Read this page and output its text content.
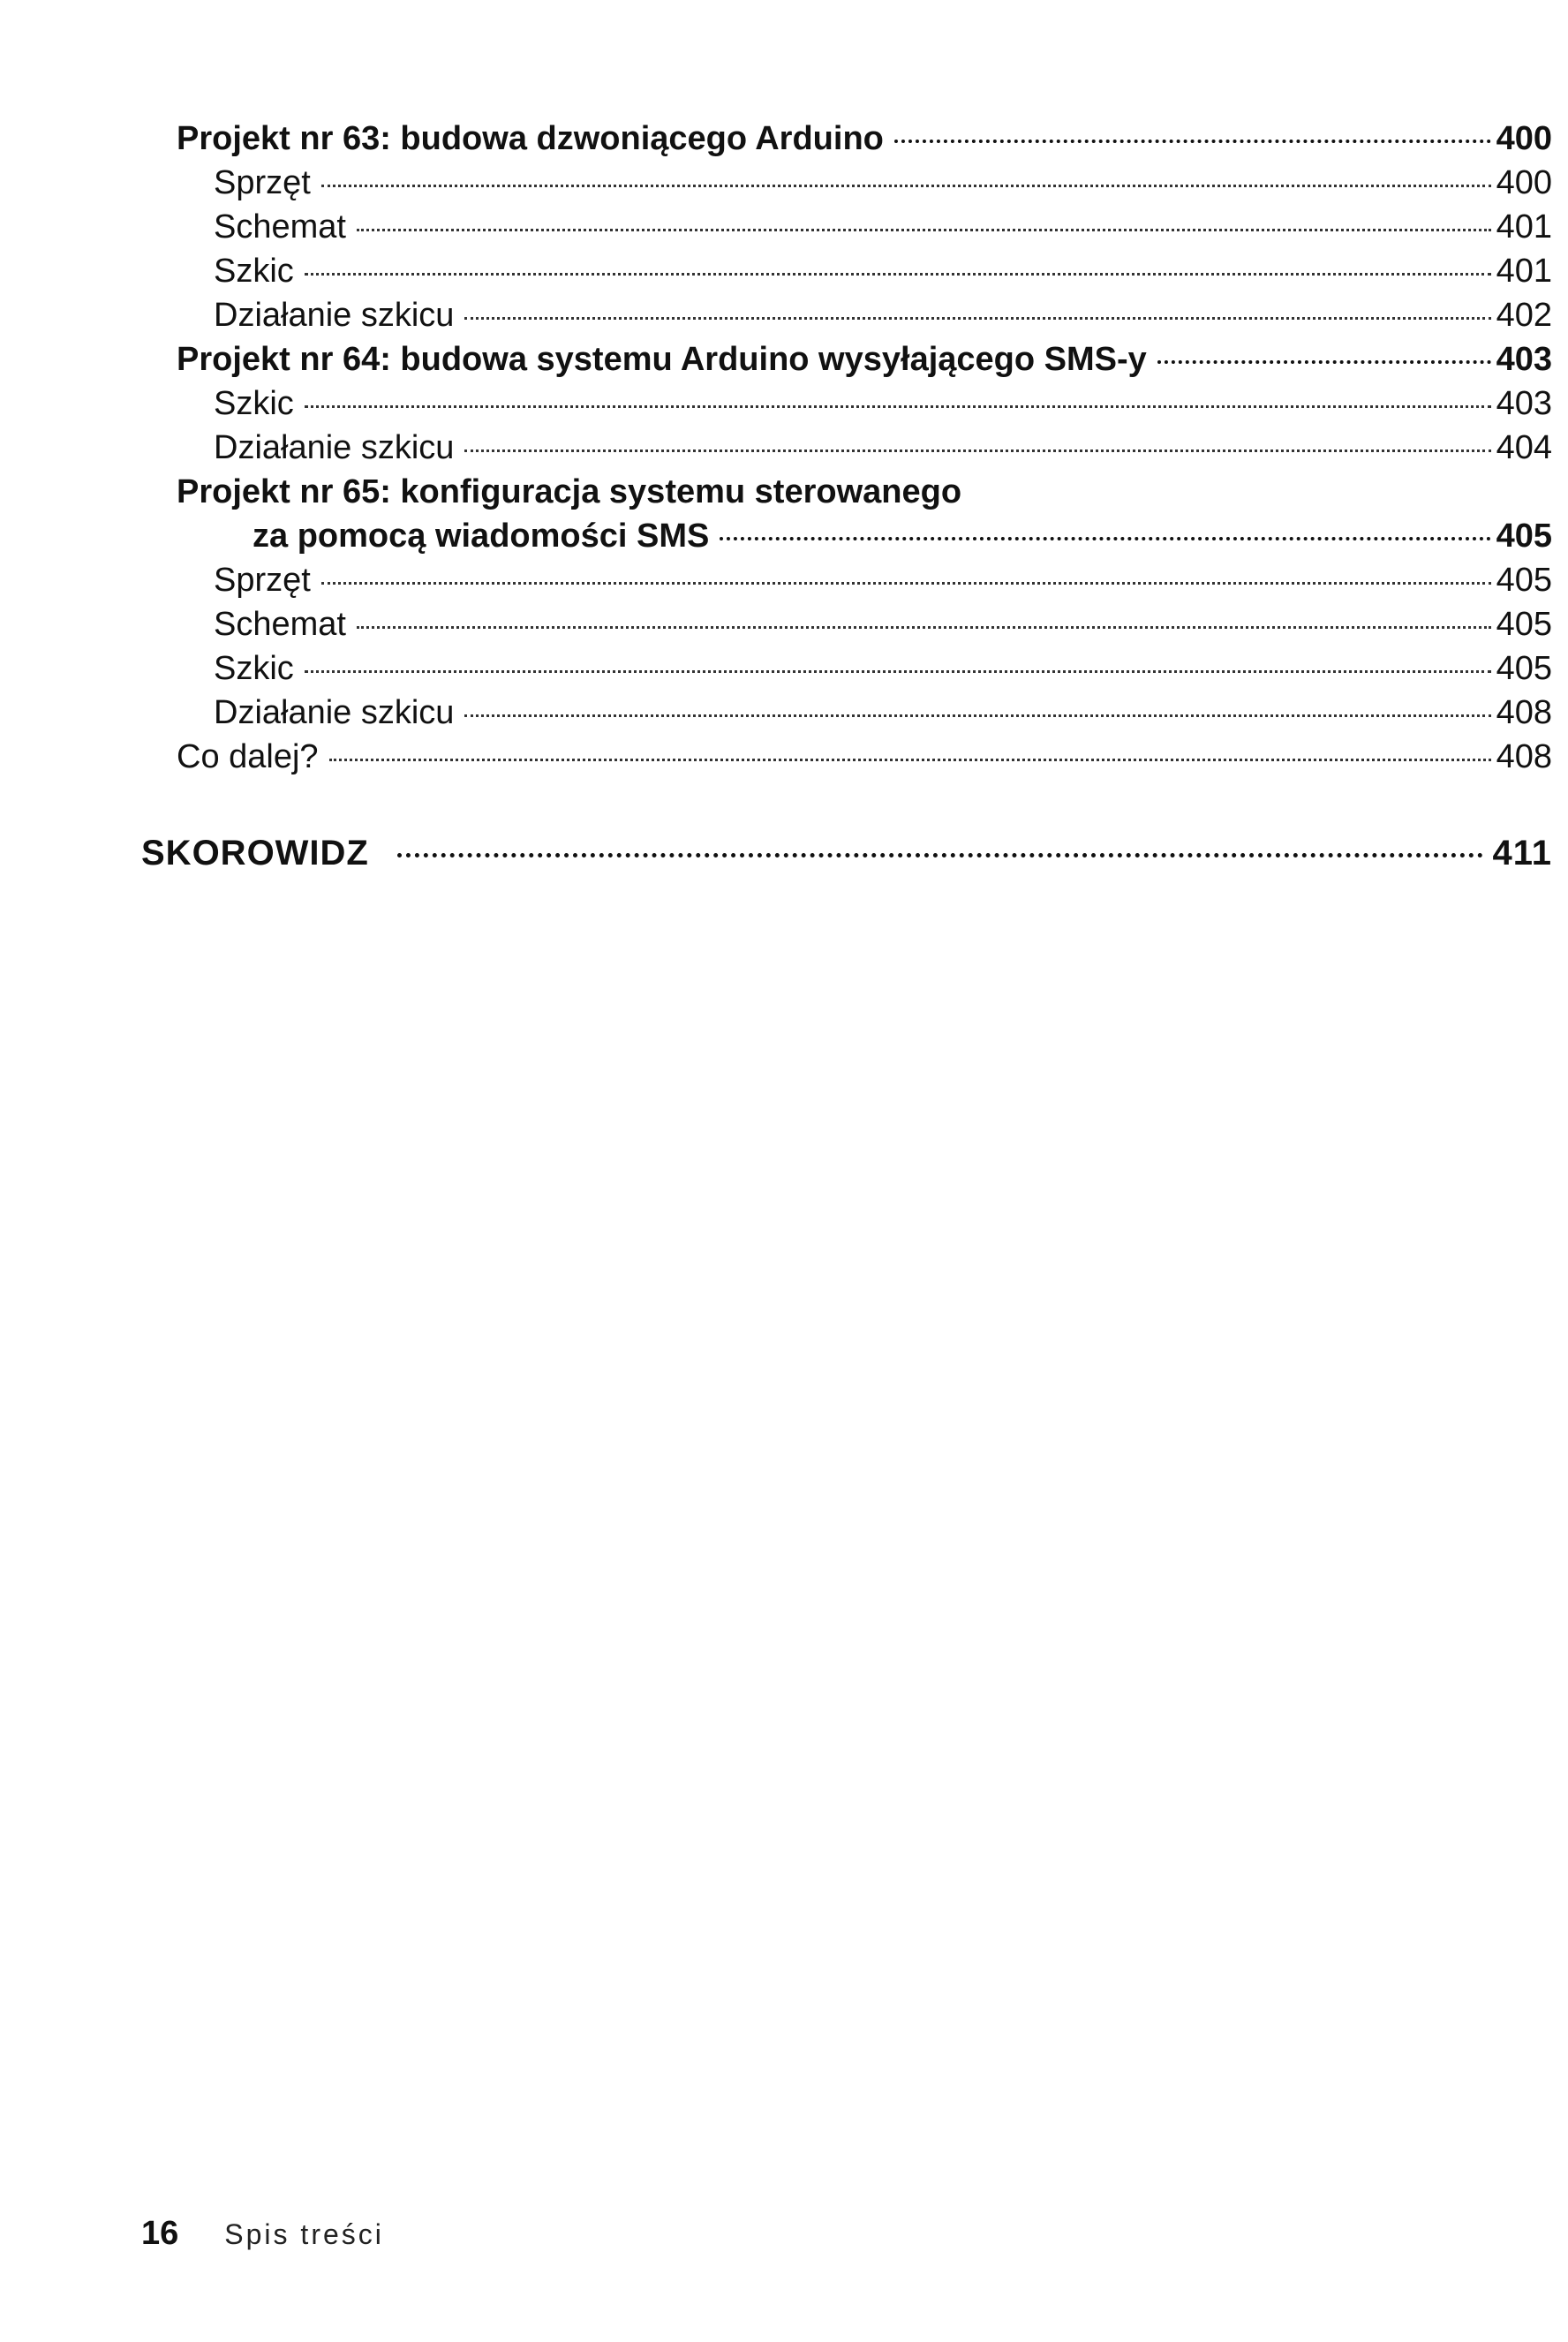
Projekt nr 63: budowa dzwoniącego Arduino	400
Sprzęt	400
Schemat	401
Szkic	401
Działanie szkicu	402
Projekt nr 64: budowa systemu Arduino wysyłającego SMS-y	403
Szkic	403
Działanie szkicu	404
Projekt nr 65: konfiguracja systemu sterowanego
za pomocą wiadomości SMS	405
Sprzęt	405
Schemat	405
Szkic	405
Działanie szkicu	408
Co dalej?	408
SKOROWIDZ	411
16 Spis treści
